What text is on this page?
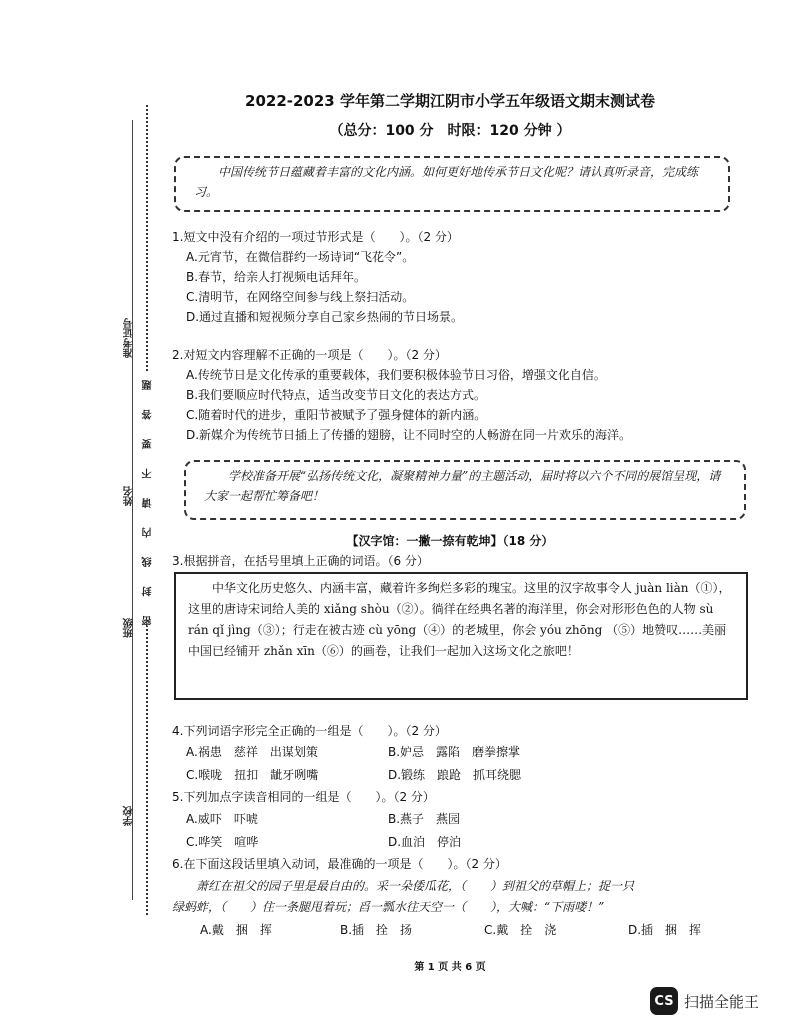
准考证号
姓名
班级
学校
密 封 线 内 请 不 要 答 题
2022-2023 学年第二学期江阴市小学五年级语文期末测试卷
（总分：100 分　时限：120 分钟 ）
中国传统节日蕴藏着丰富的文化内涵。如何更好地传承节日文化呢？请认真听录音，完成练习。
1.短文中没有介绍的一项过节形式是（　　）。（2 分）
A.元宵节，在微信群约一场诗词“飞花令”。
B.春节，给亲人打视频电话拜年。
C.清明节，在网络空间参与线上祭扫活动。
D.通过直播和短视频分享自己家乡热闹的节日场景。
2.对短文内容理解不正确的一项是（　　）。（2 分）
A.传统节日是文化传承的重要载体，我们要积极体验节日习俗，增强文化自信。
B.我们要顺应时代特点，适当改变节日文化的表达方式。
C.随着时代的进步，重阳节被赋予了强身健体的新内涵。
D.新媒介为传统节日插上了传播的翅膀，让不同时空的人畅游在同一片欢乐的海洋。
学校准备开展“弘扬传统文化，凝聚精神力量”的主题活动，届时将以六个不同的展馆呈现，请大家一起帮忙筹备吧！
【汉字馆：一撇一捺有乾坤】（18 分）
3.根据拼音，在括号里填上正确的词语。（6 分）
中华文化历史悠久、内涵丰富，藏着许多绚烂多彩的瑰宝。这里的汉字故事令人 juàn liàn（①），这里的唐诗宋词给人美的 xiǎng shòu（②）。徜徉在经典名著的海洋里，你会对形形色色的人物 sù rán qǐ jìng（③）；行走在被古迹 cù yōng（④）的老城里，你会 yóu zhōng （⑤）地赞叹……美丽中国已经铺开 zhǎn xīn（⑥）的画卷，让我们一起加入这场文化之旅吧！
4.下列词语字形完全正确的一组是（　　）。（2 分）
A.祸患　慈祥　出谋划策	B.妒忌　露陷　磨拳擦掌
C.喉咙　扭扣　龇牙咧嘴	D.锻练　踉跄　抓耳绕腮
5.下列加点字读音相同的一组是（　　）。（2 分）
A.威吓　吓唬	B.燕子　燕园
C.哗笑　喧哗	D.血泊　停泊
6.在下面这段话里填入动词，最准确的一项是（　　）。（2 分）
萧红在祖父的园子里是最自由的。采一朵倭瓜花，（　　）到祖父的草帽上；捉一只
绿蚂蚱，（　　）住一条腿甩着玩；舀一瓢水往天空一（　　），大喊：“下雨喽！”
A.戴　捆　挥	B.插　拴　扬	C.戴　拴　浇	D.插　捆　挥
第 1 页 共 6 页
CS 扫描全能王
